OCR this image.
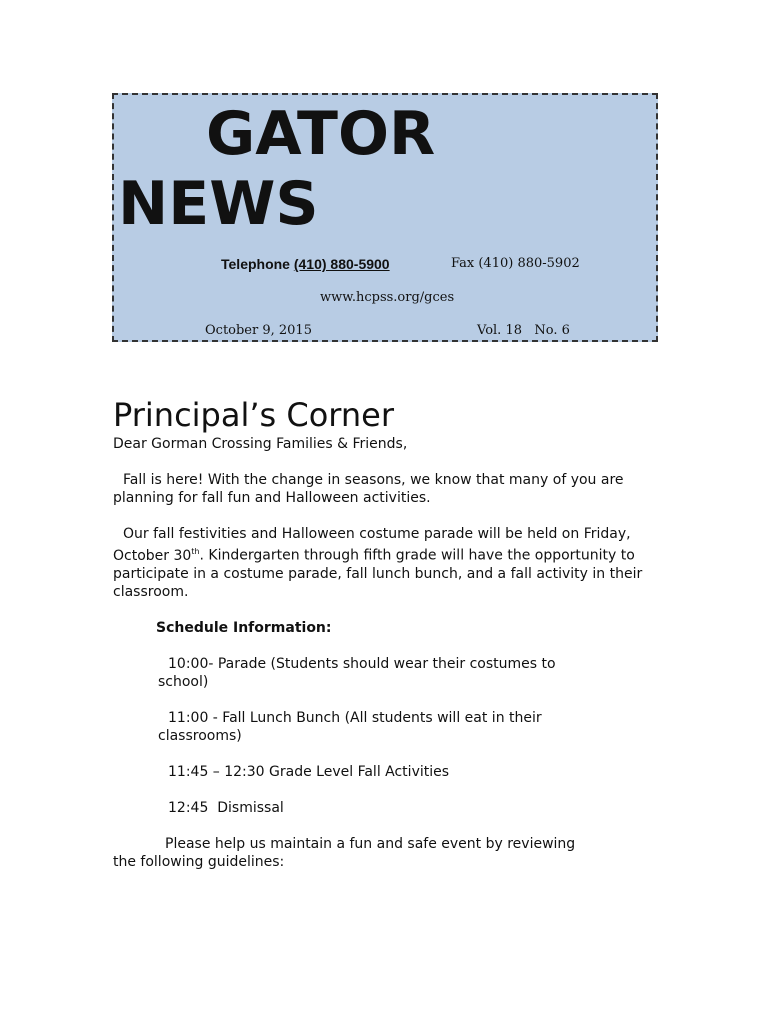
GATOR
NEWS
Telephone (410) 880-5900	Fax (410) 880-5902
www.hcpss.org/gces
October 9, 2015	Vol. 18   No. 6
Principal’s Corner

Dear Gorman Crossing Families & Friends,

Fall is here! With the change in seasons, we know that many of you are planning for fall fun and Halloween activities.

Our fall festivities and Halloween costume parade will be held on Friday, October 30th. Kindergarten through fifth grade will have the opportunity to participate in a costume parade, fall lunch bunch, and a fall activity in their classroom.

Schedule Information:

10:00- Parade (Students should wear their costumes to
school)

11:00 - Fall Lunch Bunch (All students will eat in their
classrooms)

11:45 – 12:30 Grade Level Fall Activities

12:45  Dismissal

Please help us maintain a fun and safe event by reviewing
the following guidelines:
